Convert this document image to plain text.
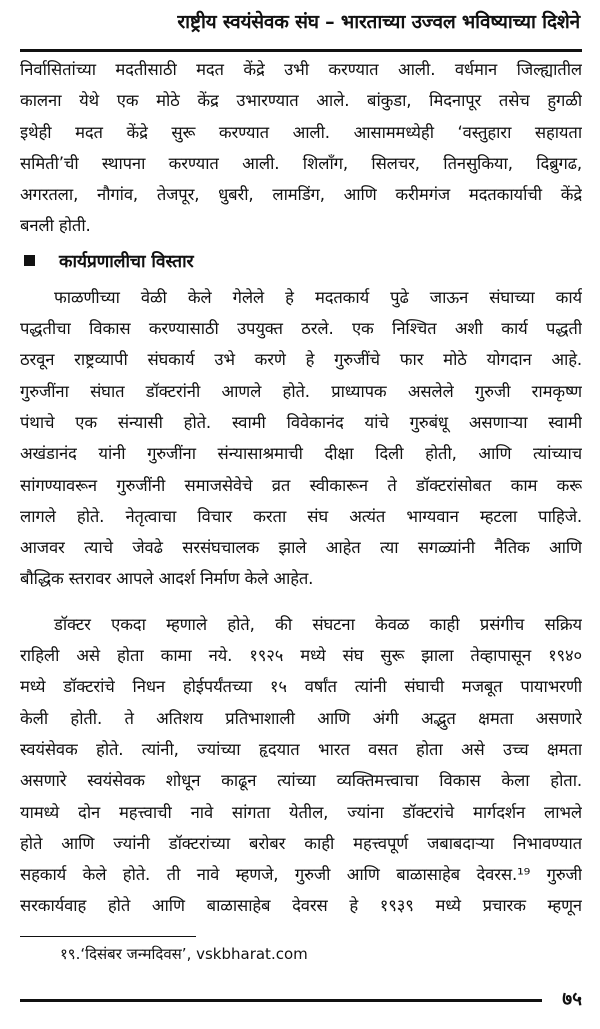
राष्ट्रीय स्वयंसेवक संघ – भारताच्या उज्वल भविष्याच्या दिशेने
निर्वासितांच्या मदतीसाठी मदत केंद्रे उभी करण्यात आली. वर्धमान जिल्ह्यातील
कालना येथे एक मोठे केंद्र उभारण्यात आले. बांकुडा, मिदनापूर तसेच हुगळी
इथेही मदत केंद्रे सुरू करण्यात आली. आसाममध्येही ‘वस्तुहारा सहायता
समिती’ची स्थापना करण्यात आली. शिलाँग, सिलचर, तिनसुकिया, दिब्रुगढ,
अगरतला, नौगांव, तेजपूर, धुबरी, लामडिंग, आणि करीमगंज मदतकार्याची केंद्रे
बनली होती.
कार्यप्रणालीचा विस्तार
फाळणीच्या वेळी केले गेलेले हे मदतकार्य पुढे जाऊन संघाच्या कार्य
पद्धतीचा विकास करण्यासाठी उपयुक्त ठरले. एक निश्चित अशी कार्य पद्धती
ठरवून राष्ट्रव्यापी संघकार्य उभे करणे हे गुरुजींचे फार मोठे योगदान आहे.
गुरुजींना संघात डॉक्टरांनी आणले होते. प्राध्यापक असलेले गुरुजी रामकृष्ण
पंथाचे एक संन्यासी होते. स्वामी विवेकानंद यांचे गुरुबंधू असणाऱ्या स्वामी
अखंडानंद यांनी गुरुजींना संन्यासाश्रमाची दीक्षा दिली होती, आणि त्यांच्याच
सांगण्यावरून गुरुजींनी समाजसेवेचे व्रत स्वीकारून ते डॉक्टरांसोबत काम करू
लागले होते. नेतृत्वाचा विचार करता संघ अत्यंत भाग्यवान म्हटला पाहिजे.
आजवर त्याचे जेवढे सरसंघचालक झाले आहेत त्या सगळ्यांनी नैतिक आणि
बौद्धिक स्तरावर आपले आदर्श निर्माण केले आहेत.
डॉक्टर एकदा म्हणाले होते, की संघटना केवळ काही प्रसंगीच सक्रिय
राहिली असे होता कामा नये. १९२५ मध्ये संघ सुरू झाला तेव्हापासून १९४०
मध्ये डॉक्टरांचे निधन होईपर्यंतच्या १५ वर्षांत त्यांनी संघाची मजबूत पायाभरणी
केली होती. ते अतिशय प्रतिभाशाली आणि अंगी अद्भुत क्षमता असणारे
स्वयंसेवक होते. त्यांनी, ज्यांच्या हृदयात भारत वसत होता असे उच्च क्षमता
असणारे स्वयंसेवक शोधून काढून त्यांच्या व्यक्तिमत्त्वाचा विकास केला होता.
यामध्ये दोन महत्त्वाची नावे सांगता येतील, ज्यांना डॉक्टरांचे मार्गदर्शन लाभले
होते आणि ज्यांनी डॉक्टरांच्या बरोबर काही महत्त्वपूर्ण जबाबदाऱ्या निभावण्यात
सहकार्य केले होते. ती नावे म्हणजे, गुरुजी आणि बाळासाहेब देवरस.¹⁹ गुरुजी
सरकार्यवाह होते आणि बाळासाहेब देवरस हे १९३९ मध्ये प्रचारक म्हणून
१९.‘दिसंबर जन्मदिवस’, vskbharat.com
७५
